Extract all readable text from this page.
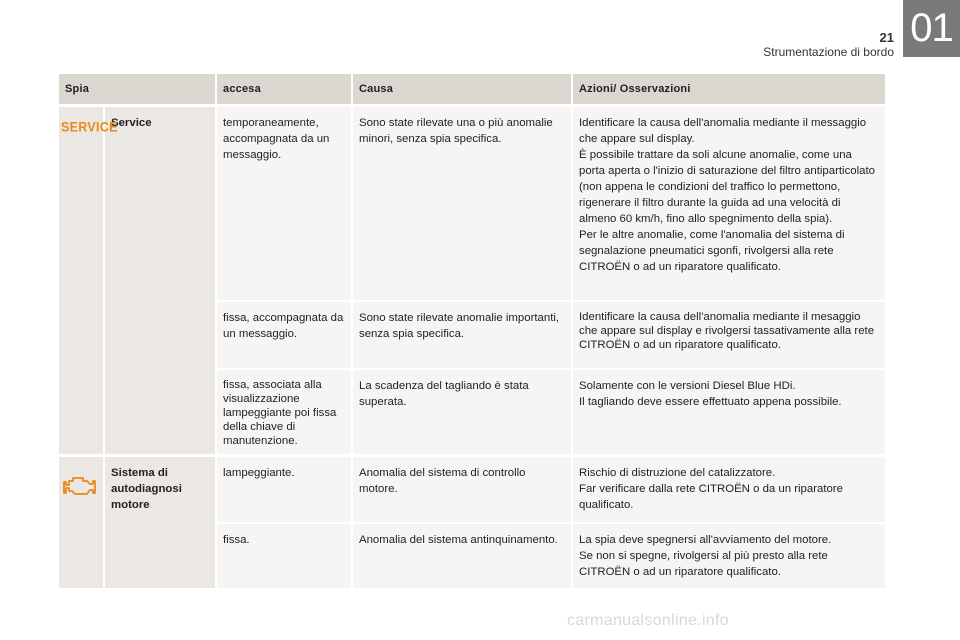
21
Strumentazione di bordo
01
Spia		accesa	Causa	Azioni/ Osservazioni
SERVICE	Service	temporaneamente, accompagnata da un messaggio.	Sono state rilevate una o più anomalie minori, senza spia specifica.	Identificare la causa dell'anomalia mediante il messaggio che appare sul display.
È possibile trattare da soli alcune anomalie, come una porta aperta o l'inizio di saturazione del filtro antiparticolato (non appena le condizioni del traffico lo permettono, rigenerare il filtro durante la guida ad una velocità di almeno 60 km/h, fino allo spegnimento della spia).
Per le altre anomalie, come l'anomalia del sistema di segnalazione pneumatici sgonfi, rivolgersi alla rete CITROËN o ad un riparatore qualificato.

		fissa, accompagnata da un messaggio.	Sono state rilevate anomalie importanti, senza spia specifica.	Identificare la causa dell'anomalia mediante il mesaggio che appare sul display e rivolgersi tassativamente alla rete CITROËN o ad un riparatore qualificato.

		fissa, associata alla visualizzazione lampeggiante poi fissa della chiave di manutenzione.	La scadenza del tagliando è stata superata.	Solamente con le versioni Diesel Blue HDi.
Il tagliando deve essere effettuato appena possibile.

	Sistema di autodiagnosi motore	lampeggiante.	Anomalia del sistema di controllo motore.	Rischio di distruzione del catalizzatore.
Far verificare dalla rete CITROËN o da un riparatore qualificato.

		fissa.	Anomalia del sistema antinquinamento.	La spia deve spegnersi all'avviamento del motore.
Se non si spegne, rivolgersi al più presto alla rete CITROËN o ad un riparatore qualificato.
carmanualsonline.info
